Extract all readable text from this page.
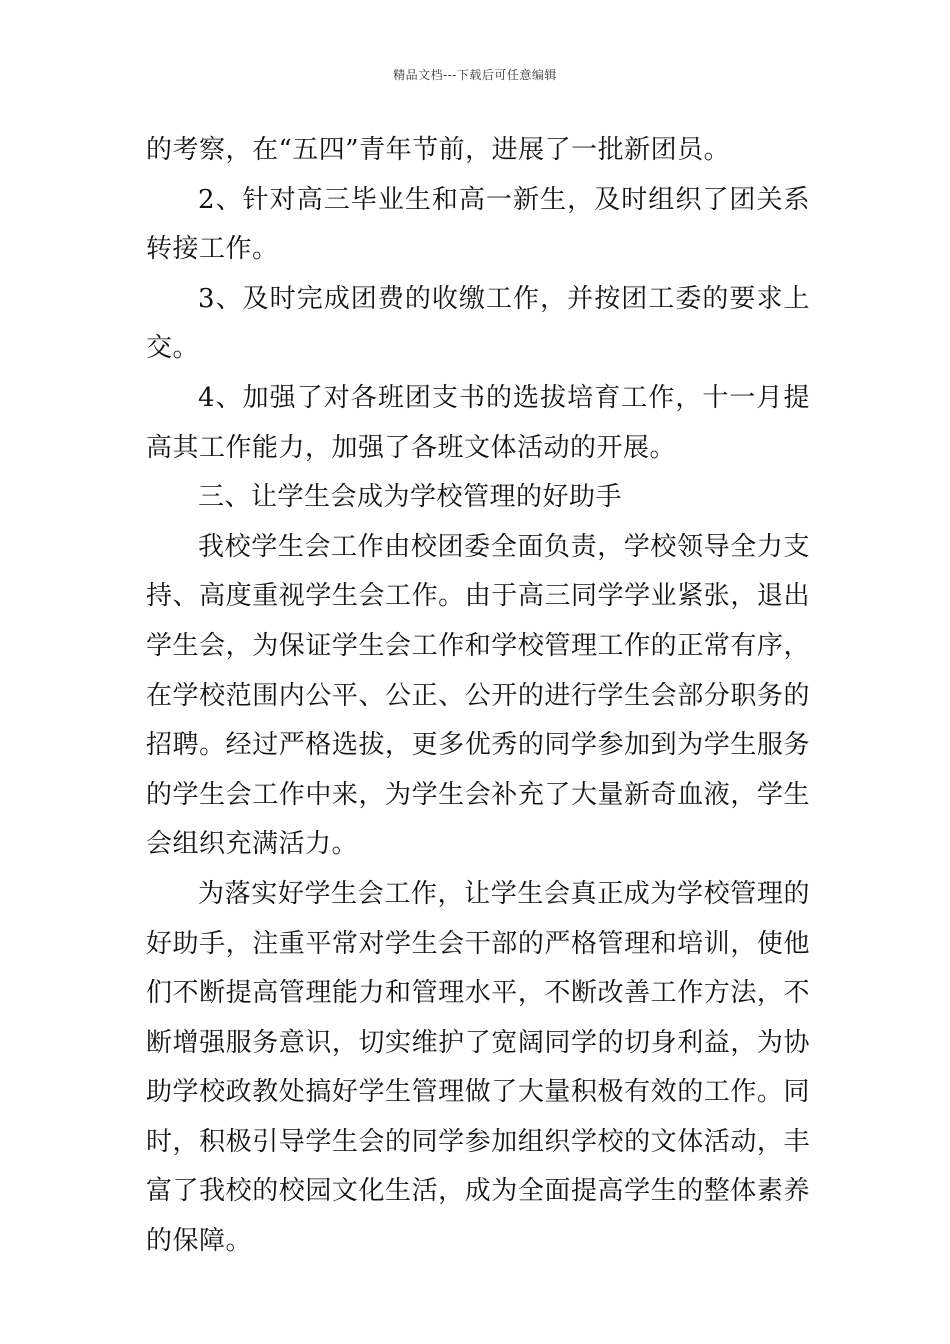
精品文档---下载后可任意编辑

的考察，在“五四”青年节前，进展了一批新团员。

2、针对高三毕业生和高一新生，及时组织了团关系转接工作。

3、及时完成团费的收缴工作，并按团工委的要求上交。

4、加强了对各班团支书的选拔培育工作，十一月提高其工作能力，加强了各班文体活动的开展。

三、让学生会成为学校管理的好助手

我校学生会工作由校团委全面负责，学校领导全力支持、高度重视学生会工作。由于高三同学学业紧张，退出学生会，为保证学生会工作和学校管理工作的正常有序，在学校范围内公平、公正、公开的进行学生会部分职务的招聘。经过严格选拔，更多优秀的同学参加到为学生服务的学生会工作中来，为学生会补充了大量新奇血液，学生会组织充满活力。

为落实好学生会工作，让学生会真正成为学校管理的好助手，注重平常对学生会干部的严格管理和培训，使他们不断提高管理能力和管理水平，不断改善工作方法，不断增强服务意识，切实维护了宽阔同学的切身利益，为协助学校政教处搞好学生管理做了大量积极有效的工作。同时，积极引导学生会的同学参加组织学校的文体活动，丰富了我校的校园文化生活，成为全面提高学生的整体素养的保障。
